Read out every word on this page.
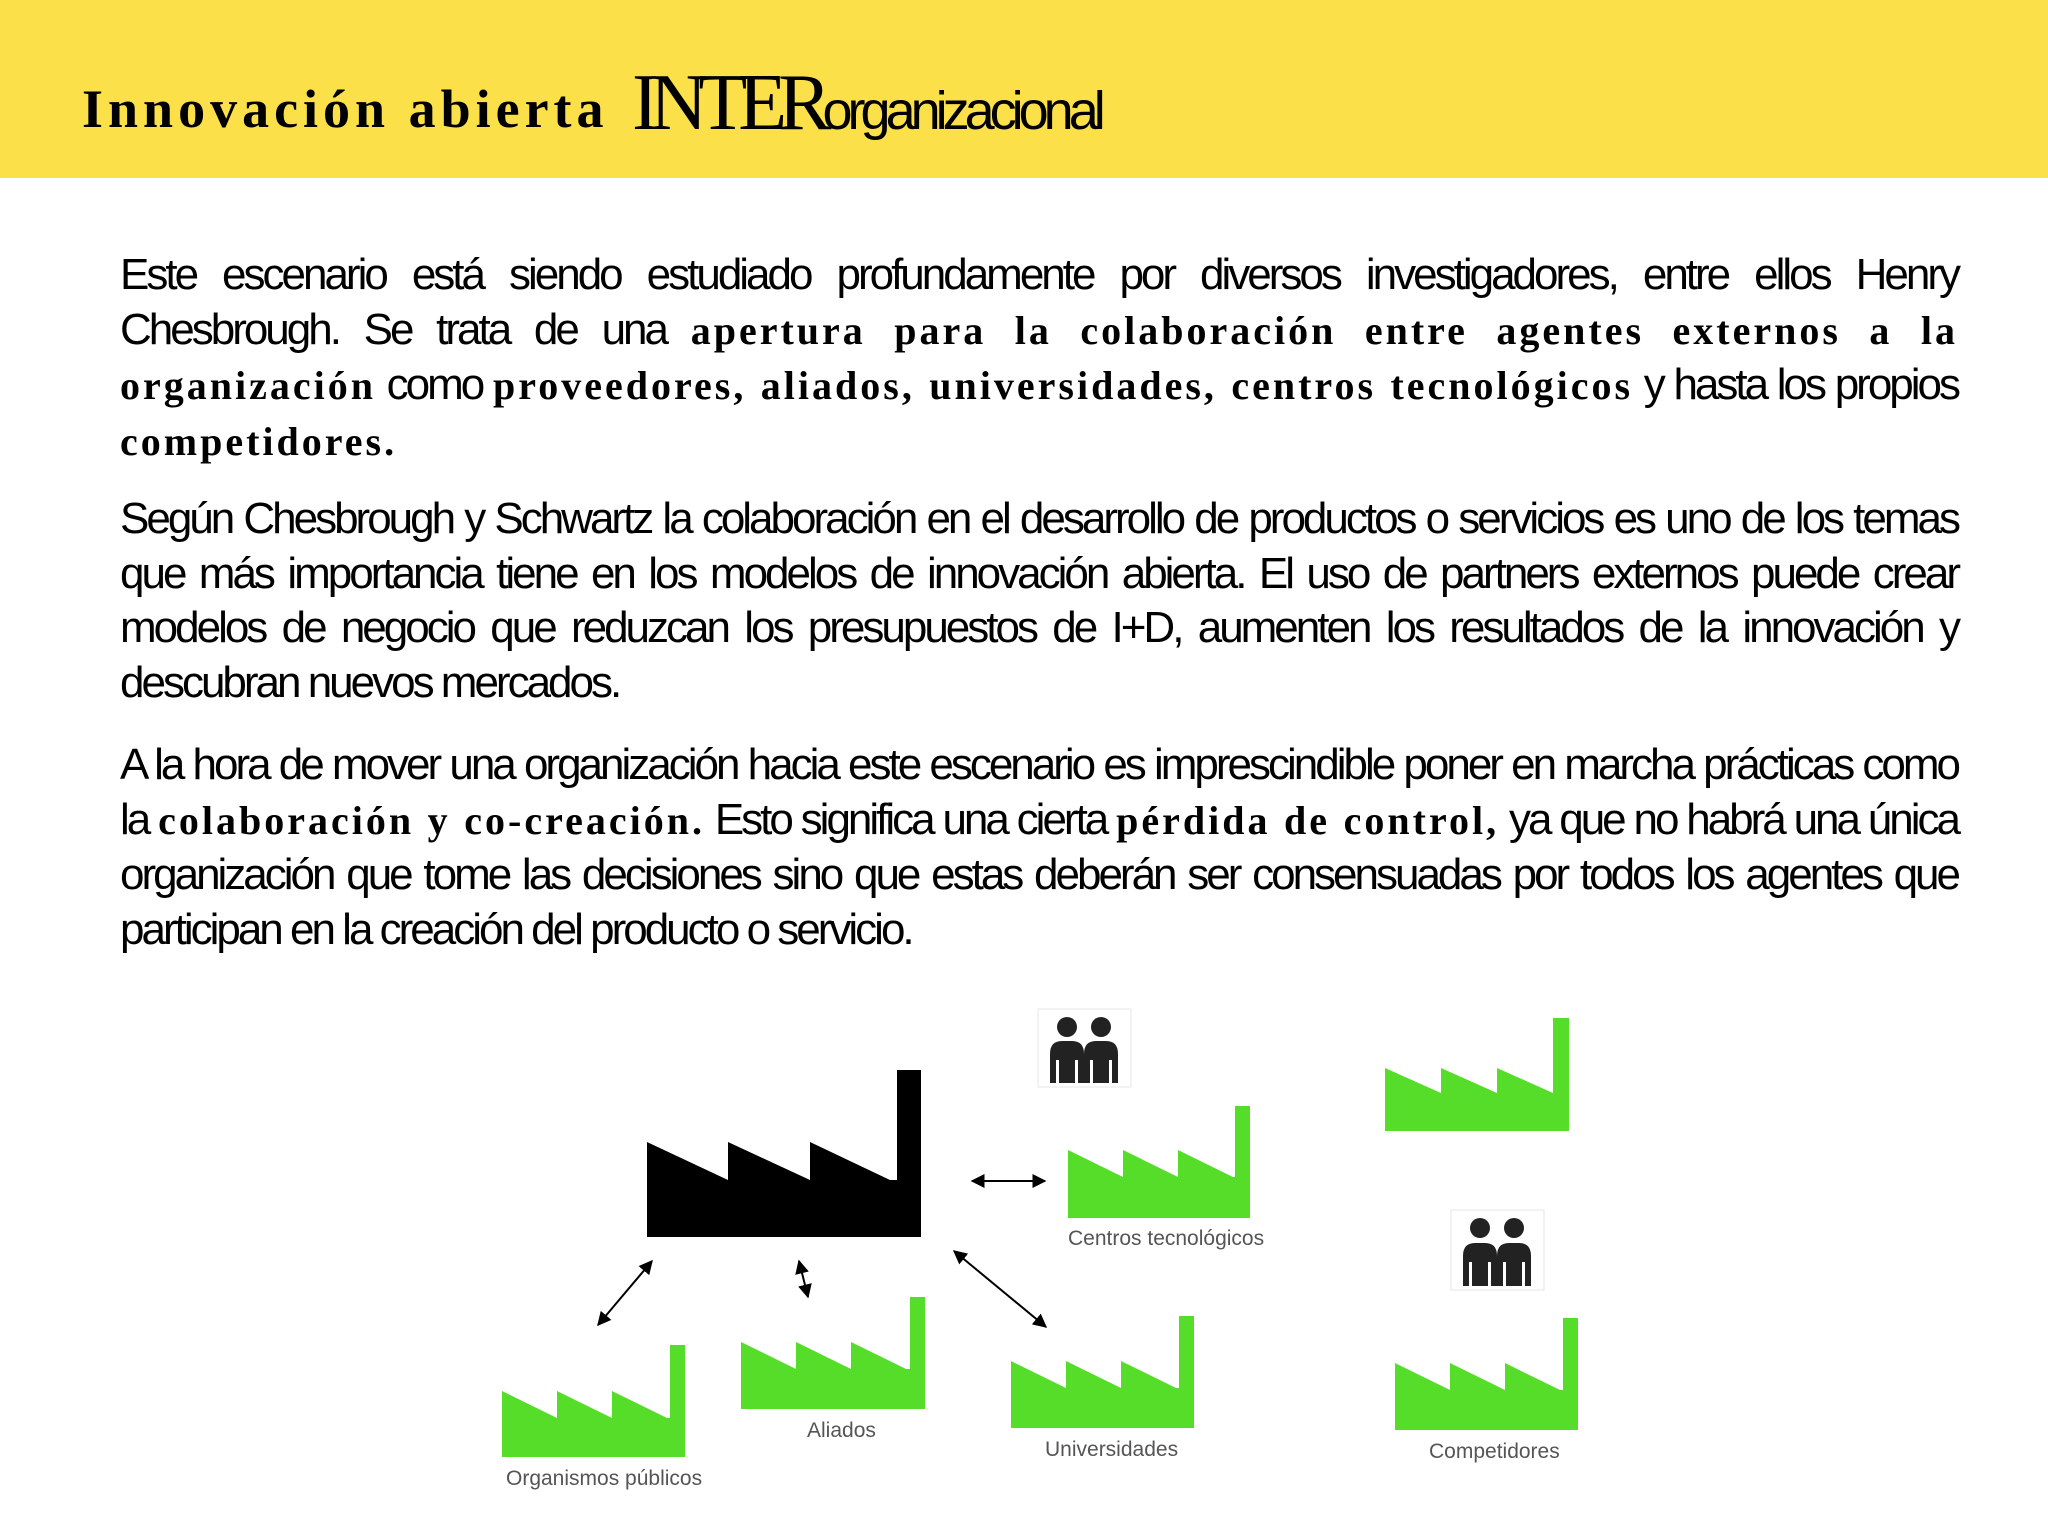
Innovación abierta INTERorganizacional
Este escenario está siendo estudiado profundamente por diversos investigadores, entre ellos Henry Chesbrough. Se trata de una apertura para la colaboración entre agentes externos a la organización como proveedores, aliados, universidades, centros tecnológicos y hasta los propios competidores.
Según Chesbrough y Schwartz la colaboración en el desarrollo de productos o servicios es uno de los temas que más importancia tiene en los modelos de innovación abierta. El uso de partners externos puede crear modelos de negocio que reduzcan los presupuestos de I+D, aumenten los resultados de la innovación y descubran nuevos mercados.
A la hora de mover una organización hacia este escenario es imprescindible poner en marcha prácticas como la colaboración y co-creación. Esto significa una cierta pérdida de control, ya que no habrá una única organización que tome las decisiones sino que estas deberán ser consensuadas por todos los agentes que participan en la creación del producto o servicio.
Centros tecnológicos
Organismos públicos
Aliados
Universidades	Competidores
